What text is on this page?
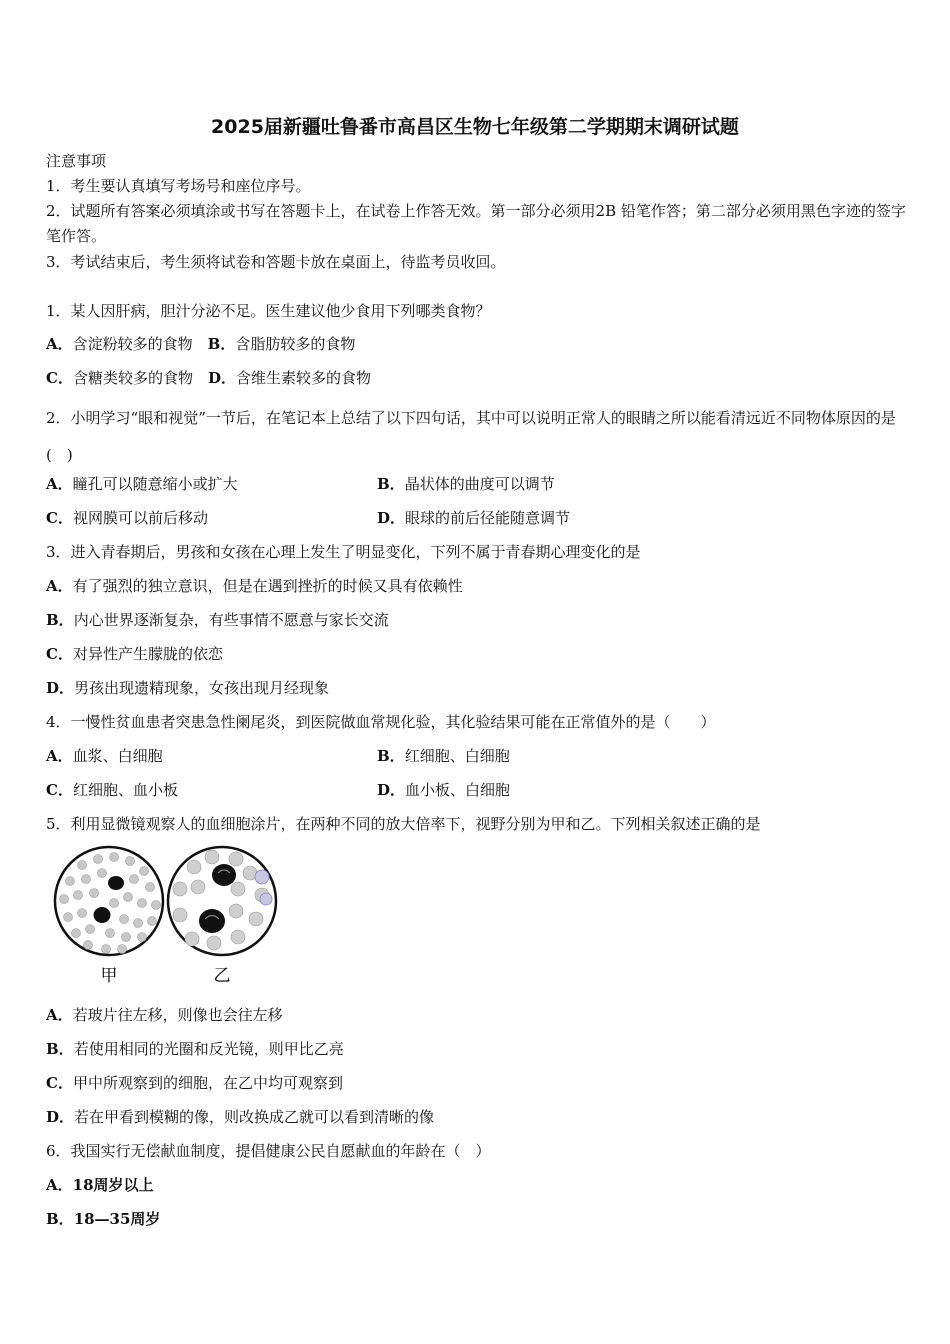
2025届新疆吐鲁番市高昌区生物七年级第二学期期末调研试题
注意事项
1．考生要认真填写考场号和座位序号。
2．试题所有答案必须填涂或书写在答题卡上，在试卷上作答无效。第一部分必须用2B 铅笔作答；第二部分必须用黑色字迹的签字笔作答。
3．考试结束后，考生须将试卷和答题卡放在桌面上，待监考员收回。
1．某人因肝病，胆汁分泌不足。医生建议他少食用下列哪类食物？
A．含淀粉较多的食物　 B．含脂肪较多的食物
C．含糖类较多的食物　 D．含维生素较多的食物
2．小明学习“眼和视觉”一节后，在笔记本上总结了以下四句话，其中可以说明正常人的眼睛之所以能看清远近不同物体原因的是 (　)
A．瞳孔可以随意缩小或扩大	B．晶状体的曲度可以调节
C．视网膜可以前后移动	D．眼球的前后径能随意调节
3．进入青春期后，男孩和女孩在心理上发生了明显变化，下列不属于青春期心理变化的是
A．有了强烈的独立意识，但是在遇到挫折的时候又具有依赖性
B．内心世界逐渐复杂，有些事情不愿意与家长交流
C．对异性产生朦胧的依恋
D．男孩出现遗精现象，女孩出现月经现象
4．一慢性贫血患者突患急性阑尾炎，到医院做血常规化验，其化验结果可能在正常值外的是（　　）
A．血浆、白细胞	B．红细胞、白细胞
C．红细胞、血小板	D．血小板、白细胞
5．利用显微镜观察人的血细胞涂片，在两种不同的放大倍率下，视野分别为甲和乙。下列相关叙述正确的是
甲	乙
A．若玻片往左移，则像也会往左移
B．若使用相同的光圈和反光镜，则甲比乙亮
C．甲中所观察到的细胞，在乙中均可观察到
D．若在甲看到模糊的像，则改换成乙就可以看到清晰的像
6．我国实行无偿献血制度，提倡健康公民自愿献血的年龄在（　）
A．18周岁以上
B．18—35周岁
